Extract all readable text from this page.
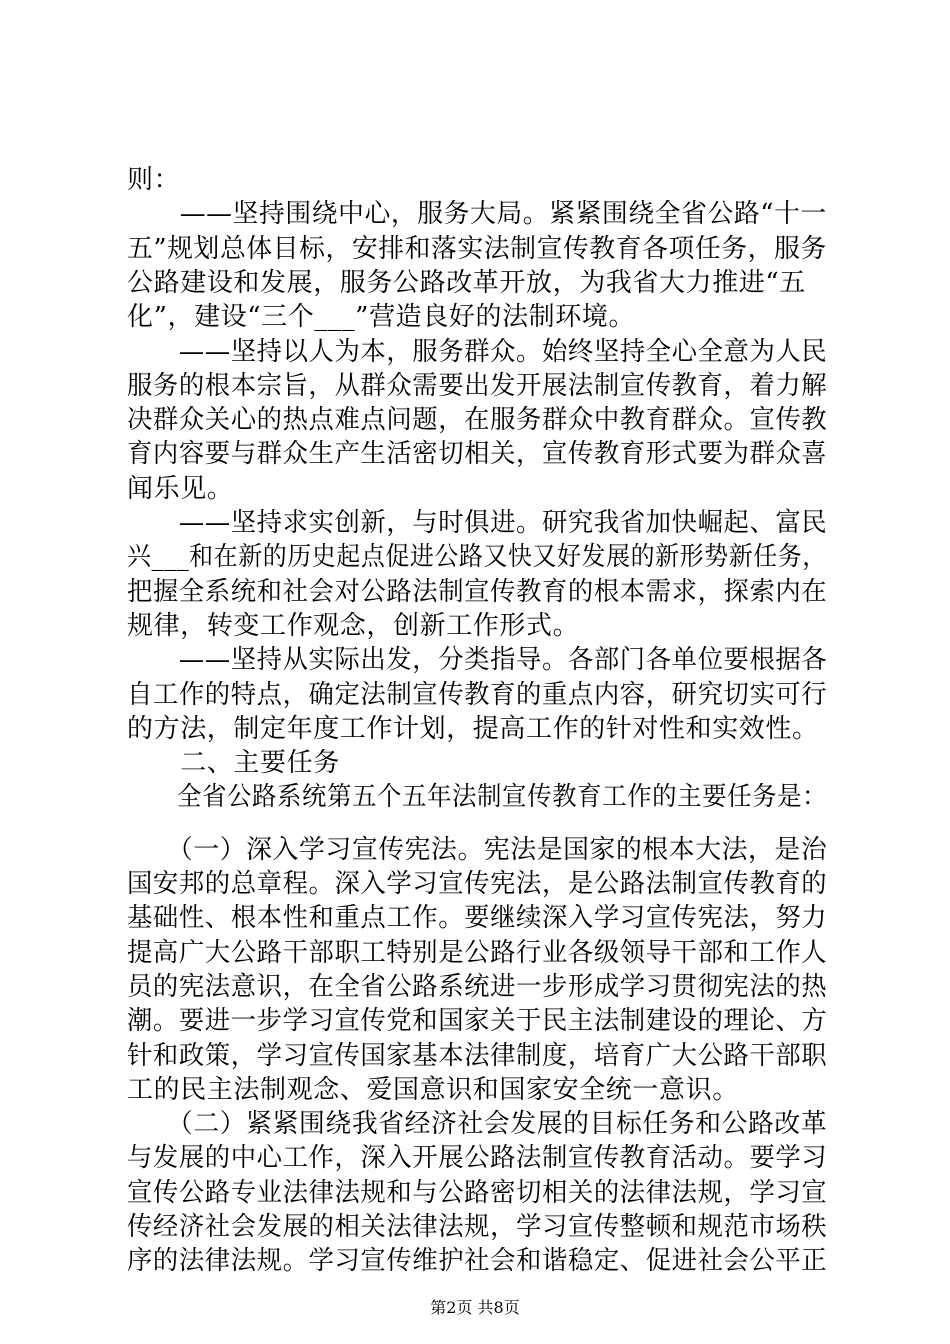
则：
　　——坚持围绕中心，服务大局。紧紧围绕全省公路“十一
五”规划总体目标，安排和落实法制宣传教育各项任务，服务
公路建设和发展，服务公路改革开放，为我省大力推进“五
化”，建设“三个___”营造良好的法制环境。
　　——坚持以人为本，服务群众。始终坚持全心全意为人民
服务的根本宗旨，从群众需要出发开展法制宣传教育，着力解
决群众关心的热点难点问题，在服务群众中教育群众。宣传教
育内容要与群众生产生活密切相关，宣传教育形式要为群众喜
闻乐见。
　　——坚持求实创新，与时俱进。研究我省加快崛起、富民
兴___和在新的历史起点促进公路又快又好发展的新形势新任务，
把握全系统和社会对公路法制宣传教育的根本需求，探索内在
规律，转变工作观念，创新工作形式。
　　——坚持从实际出发，分类指导。各部门各单位要根据各
自工作的特点，确定法制宣传教育的重点内容，研究切实可行
的方法，制定年度工作计划，提高工作的针对性和实效性。
　　二、主要任务
　　全省公路系统第五个五年法制宣传教育工作的主要任务是：
　　（一）深入学习宣传宪法。宪法是国家的根本大法，是治
国安邦的总章程。深入学习宣传宪法，是公路法制宣传教育的
基础性、根本性和重点工作。要继续深入学习宣传宪法，努力
提高广大公路干部职工特别是公路行业各级领导干部和工作人
员的宪法意识，在全省公路系统进一步形成学习贯彻宪法的热
潮。要进一步学习宣传党和国家关于民主法制建设的理论、方
针和政策，学习宣传国家基本法律制度，培育广大公路干部职
工的民主法制观念、爱国意识和国家安全统一意识。
　　（二）紧紧围绕我省经济社会发展的目标任务和公路改革
与发展的中心工作，深入开展公路法制宣传教育活动。要学习
宣传公路专业法律法规和与公路密切相关的法律法规，学习宣
传经济社会发展的相关法律法规，学习宣传整顿和规范市场秩
序的法律法规。学习宣传维护社会和谐稳定、促进社会公平正
第2页 共8页
